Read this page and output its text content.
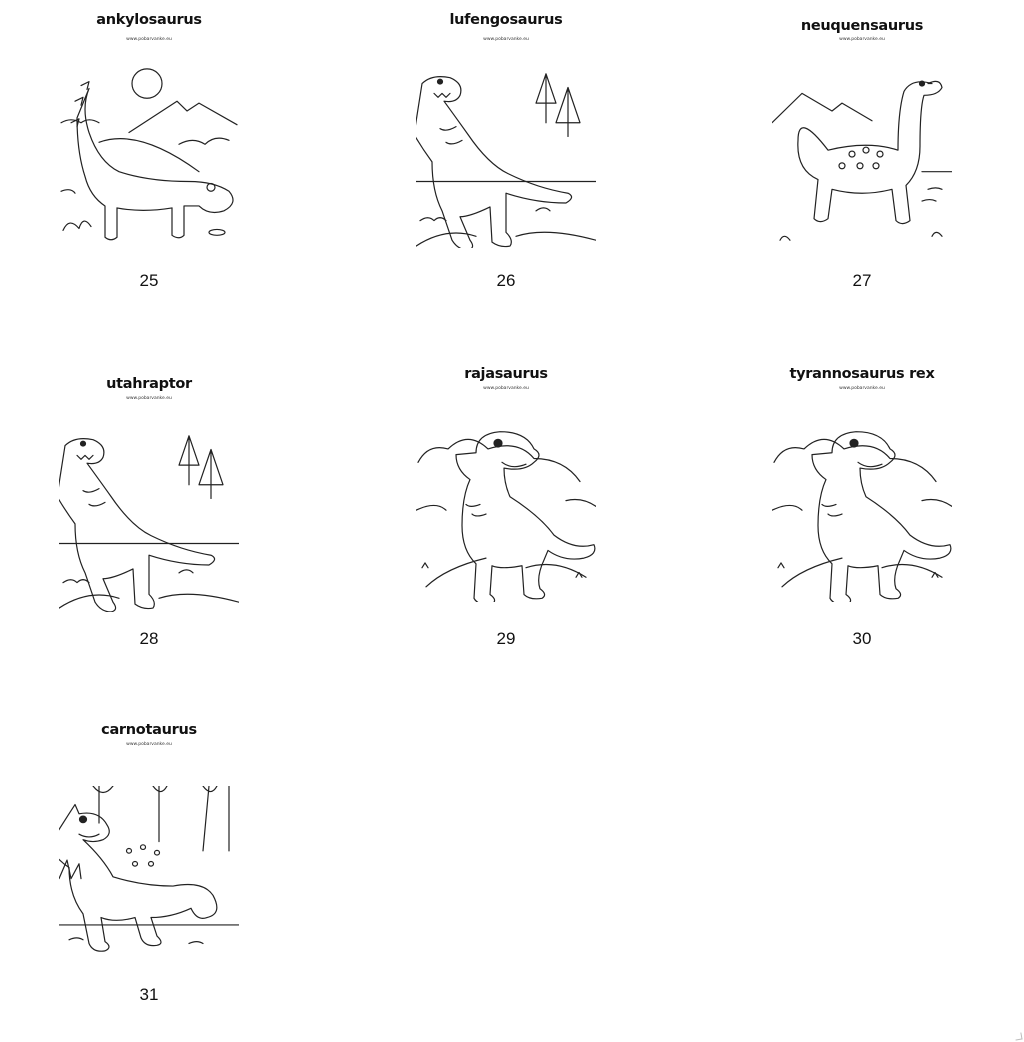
ankylosaurus
www.pobarvanke.eu
25
lufengosaurus
www.pobarvanke.eu
26
neuquensaurus
www.pobarvanke.eu
27
utahraptor
www.pobarvanke.eu
28
rajasaurus
www.pobarvanke.eu
29
tyrannosaurus rex
www.pobarvanke.eu
30
carnotaurus
www.pobarvanke.eu
31
